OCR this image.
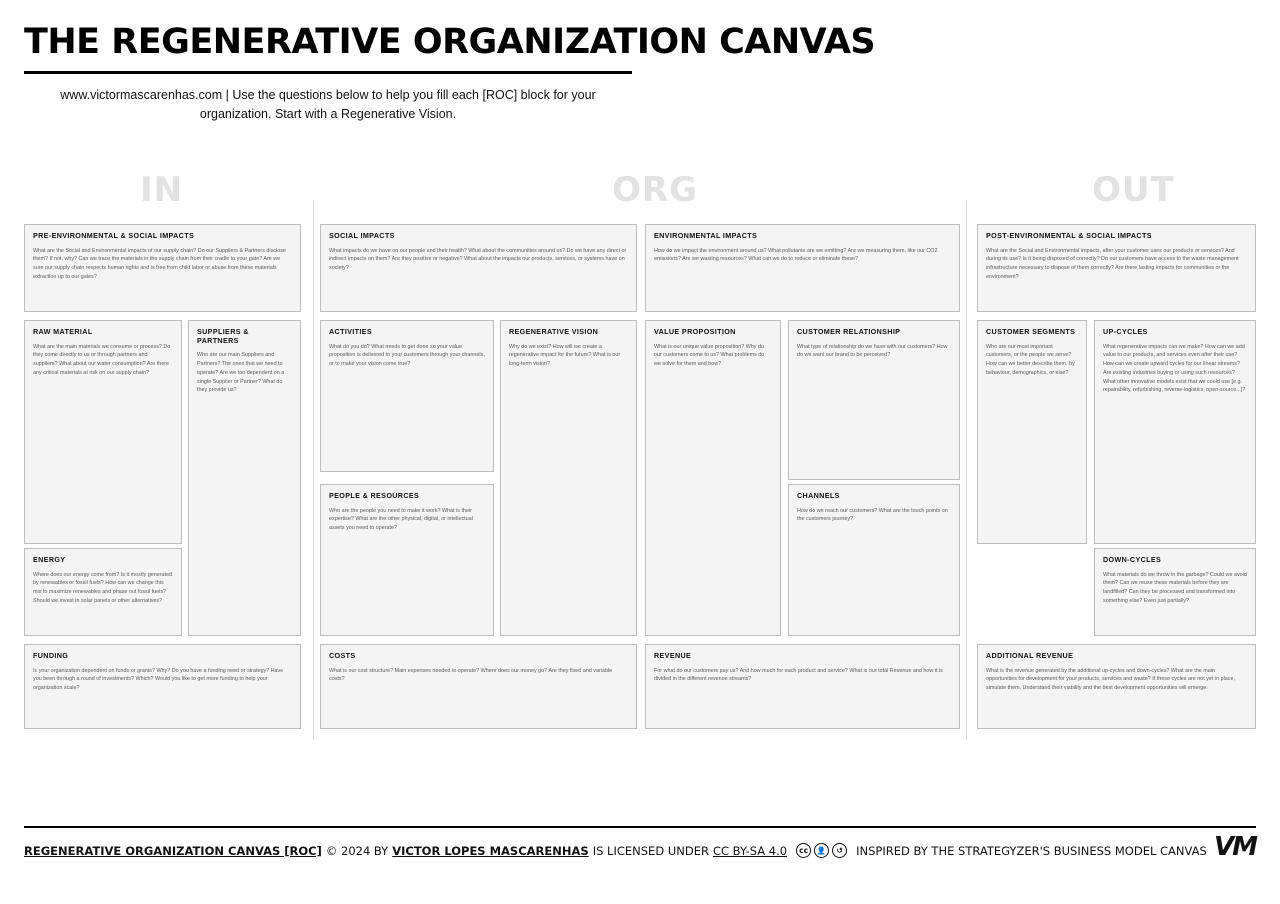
THE REGENERATIVE ORGANIZATION CANVAS
www.victormascarenhas.com | Use the questions below to help you fill each [ROC] block for your organization. Start with a Regenerative Vision.
IN	ORG	OUT
PRE-ENVIRONMENTAL & SOCIAL IMPACTS
What are the Social and Environmental impacts of our supply chain? Do our Suppliers & Partners disclose them? If not, why? Can we trace the materials in the supply chain from their cradle to your gate? Are we sure our supply chain respects human rights and is free from child labor or abuse from these materials extraction up to our gates?
SOCIAL IMPACTS
What impacts do we have on our people and their health? What about the communities around us? Do we have any direct or indirect impacts on them? Are they positive or negative? What about the impacts our products, services, or systems have on society?
ENVIRONMENTAL IMPACTS
How do we impact the environment around us? What pollutants are we emitting? Are we measuring them, like our CO2 emissions? Are we wasting resources? What can we do to reduce or eliminate these?
POST-ENVIRONMENTAL & SOCIAL IMPACTS
What are the Social and Environmental impacts, after your customer uses our products or services? And during its use? Is it being disposed of correctly? Do our customers have access to the waste management infrastructure necessary to dispose of them correctly? Are there lasting impacts for communities or the environment?
RAW MATERIAL
What are the main materials we consume or process? Do they come directly to us or through partners and suppliers? What about our water consumption? Are there any critical materials at risk on our supply chain?
SUPPLIERS & PARTNERS
Who are our main Suppliers and Partners? The ones that we need to operate? Are we too dependent on a single Supplier or Partner? What do they provide us?
ACTIVITIES
What do you do? What needs to get done so your value proposition is delivered to your customers through your channels, or to make your vision come true?
REGENERATIVE VISION
Why do we exist? How will we create a regenerative impact for the future? What is our long-term vision?
VALUE PROPOSITION
What is our unique value proposition? Why do our customers come to us? What problems do we solve for them and how?
CUSTOMER RELATIONSHIP
What type of relationship do we have with our customers? How do we want our brand to be perceived?
CUSTOMER SEGMENTS
Who are our most important customers, or the people we serve? How can we better describe them, by behaviour, demographics, or else?
UP-CYCLES
What regenerative impacts can we make? How can we add value to our products, and services even after their use? How can we create upward cycles for our linear streams? Are existing industries buying or using such resources? What other innovative models exist that we could use [e.g. repairability, refurbishing, reverse-logistics, open-source...]?
PEOPLE & RESOURCES
Who are the people you need to make it work? What is their expertise? What are the other physical, digital, or intellectual assets you need to operate?
CHANNELS
How do we reach our customers? What are the touch points on the customers journey?
ENERGY
Where does our energy come from? Is it mostly generated by renewables or fossil fuels? How can we change this mix to maximize renewables and phase out fossil fuels? Should we invest in solar panels or other alternatives?
DOWN-CYCLES
What materials do we throw in the garbage? Could we avoid them? Can we reuse these materials before they are landfilled? Can they be processed and transformed into something else? Even just partially?
FUNDING
Is your organization dependent on funds or grants? Why? Do you have a funding need or strategy? Have you been through a round of investments? Which? Would you like to get more funding to help your organization scale?
COSTS
What is our cost structure? Main expenses needed to operate? Where does our money go? Are they fixed and variable costs?
REVENUE
For what do our customers pay us? And how much for each product and service? What is our total Revenue and how it is divided in the different revenue streams?
ADDITIONAL REVENUE
What is the revenue generated by the additional up-cycles and down-cycles? What are the main opportunities for development for your products, services and waste? If these cycles are not yet in place, simulate them. Understand their viability and the best development opportunities will emerge.
REGENERATIVE ORGANIZATION CANVAS [ROC] © 2024 BY VICTOR LOPES MASCARENHAS IS LICENSED UNDER CC BY-SA 4.0	cc	👤	↺	INSPIRED BY THE STRATEGYZER'S BUSINESS MODEL CANVAS VM
